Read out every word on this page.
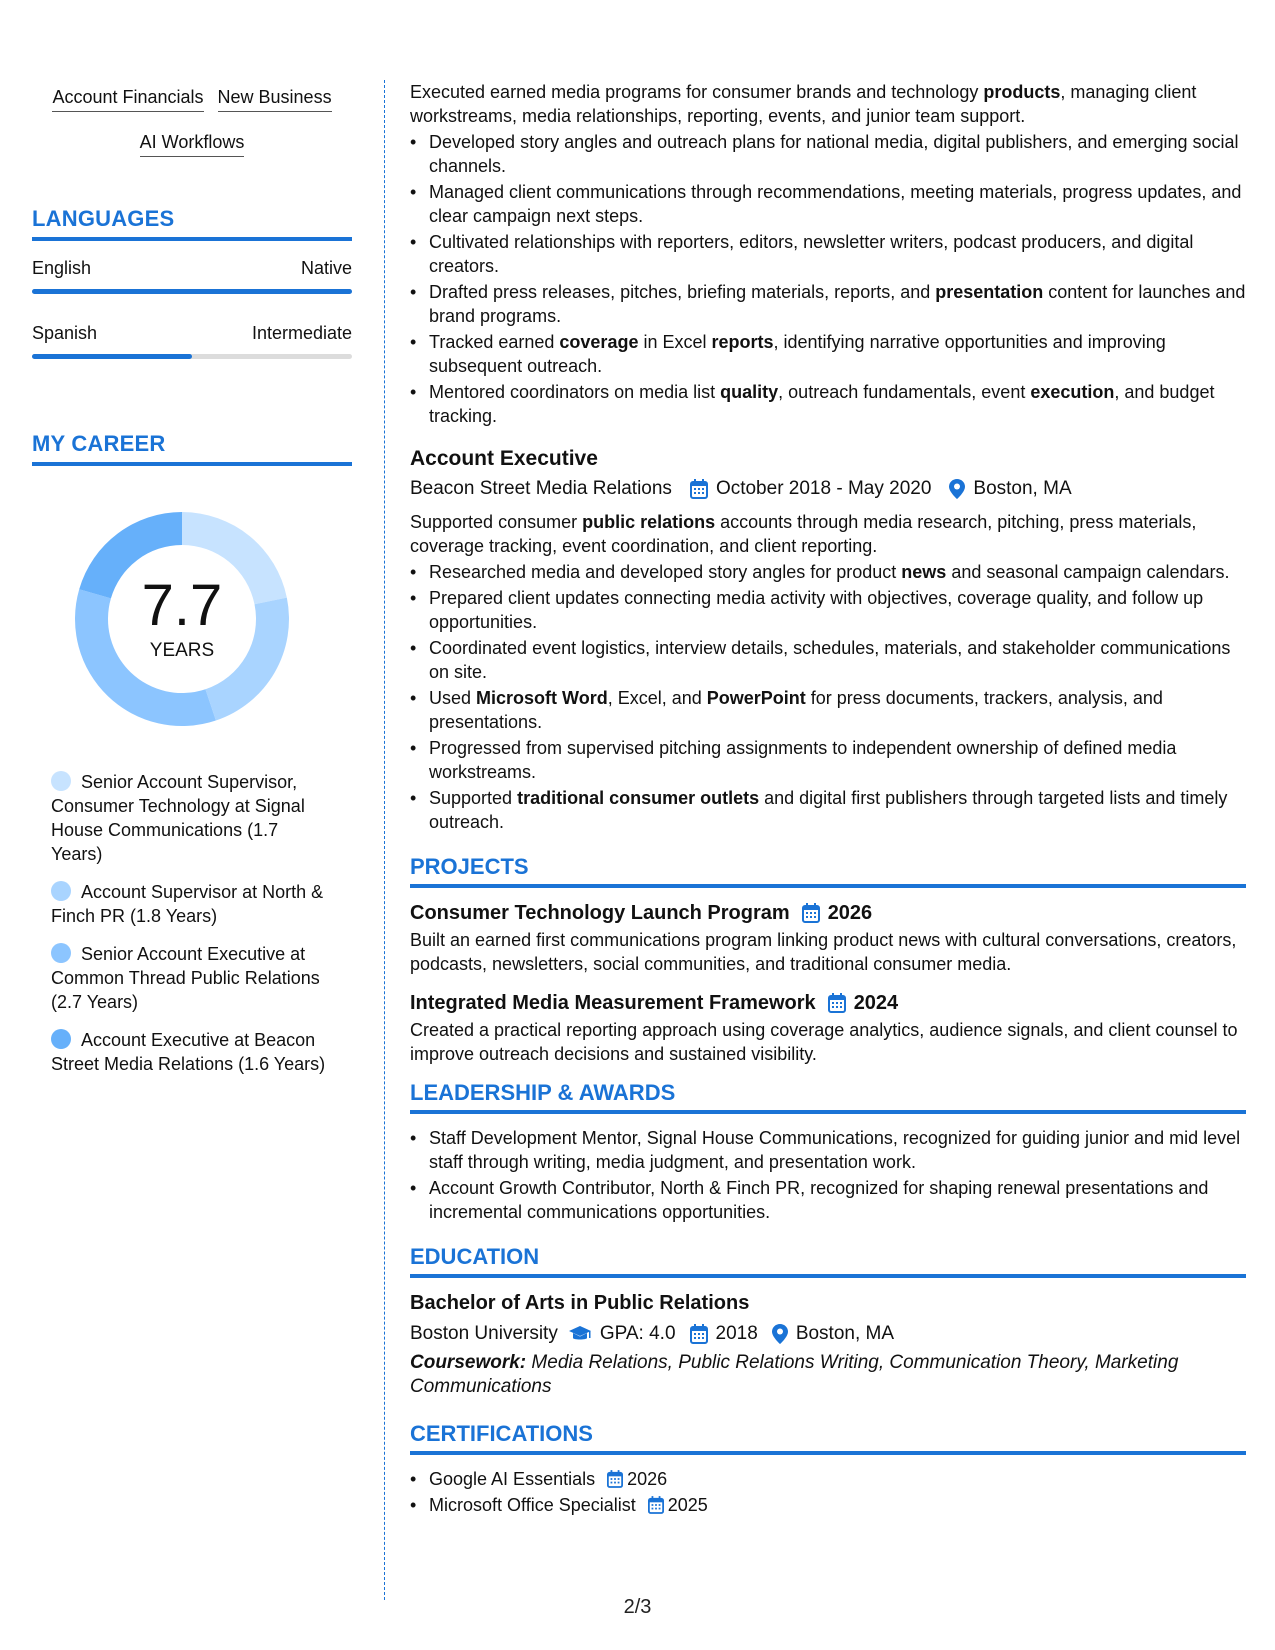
Account Financials New Business
AI Workflows
LANGUAGES
English	Native
Spanish	Intermediate
MY CAREER
7.7
YEARS
Senior Account Supervisor, Consumer Technology at Signal House Communications (1.7 Years)
Account Supervisor at North & Finch PR (1.8 Years)
Senior Account Executive at Common Thread Public Relations (2.7 Years)
Account Executive at Beacon Street Media Relations (1.6 Years)
Executed earned media programs for consumer brands and technology products, managing client workstreams, media relationships, reporting, events, and junior team support.
• Developed story angles and outreach plans for national media, digital publishers, and emerging social channels.
• Managed client communications through recommendations, meeting materials, progress updates, and clear campaign next steps.
• Cultivated relationships with reporters, editors, newsletter writers, podcast producers, and digital creators.
• Drafted press releases, pitches, briefing materials, reports, and presentation content for launches and brand programs.
• Tracked earned coverage in Excel reports, identifying narrative opportunities and improving subsequent outreach.
• Mentored coordinators on media list quality, outreach fundamentals, event execution, and budget tracking.
Account Executive
Beacon Street Media Relations October 2018 - May 2020 Boston, MA
Supported consumer public relations accounts through media research, pitching, press materials, coverage tracking, event coordination, and client reporting.
• Researched media and developed story angles for product news and seasonal campaign calendars.
• Prepared client updates connecting media activity with objectives, coverage quality, and follow up opportunities.
• Coordinated event logistics, interview details, schedules, materials, and stakeholder communications on site.
• Used Microsoft Word, Excel, and PowerPoint for press documents, trackers, analysis, and presentations.
• Progressed from supervised pitching assignments to independent ownership of defined media workstreams.
• Supported traditional consumer outlets and digital first publishers through targeted lists and timely outreach.
PROJECTS
Consumer Technology Launch Program 2026
Built an earned first communications program linking product news with cultural conversations, creators, podcasts, newsletters, social communities, and traditional consumer media.
Integrated Media Measurement Framework 2024
Created a practical reporting approach using coverage analytics, audience signals, and client counsel to improve outreach decisions and sustained visibility.
LEADERSHIP & AWARDS
• Staff Development Mentor, Signal House Communications, recognized for guiding junior and mid level staff through writing, media judgment, and presentation work.
• Account Growth Contributor, North & Finch PR, recognized for shaping renewal presentations and incremental communications opportunities.
EDUCATION
Bachelor of Arts in Public Relations
Boston University GPA: 4.0 2018 Boston, MA
Coursework: Media Relations, Public Relations Writing, Communication Theory, Marketing Communications
CERTIFICATIONS
• Google AI Essentials 2026
• Microsoft Office Specialist 2025
2/3
